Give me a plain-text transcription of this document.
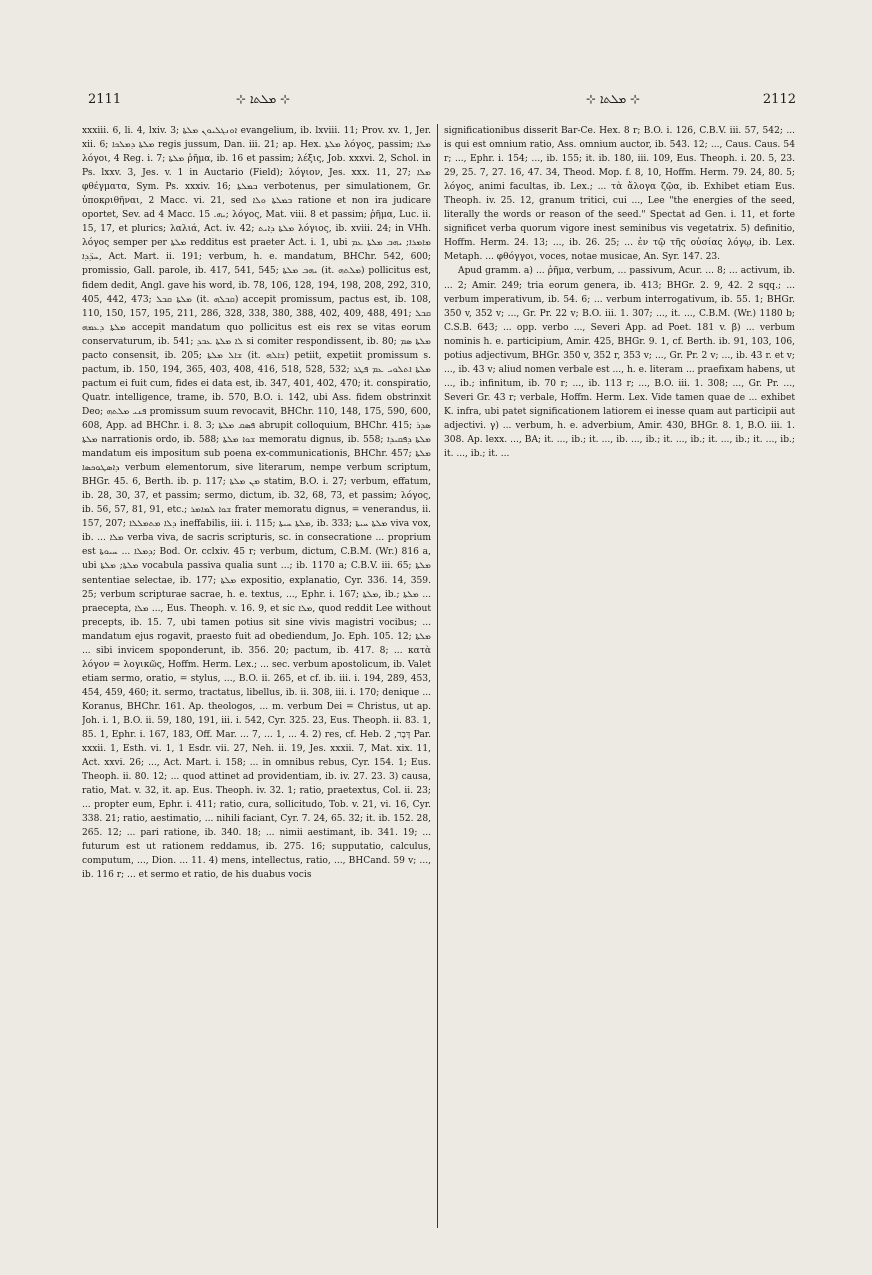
2111	⊹ ܡܠܬܐ ⊹	⊹ ܡܠܬܐ ⊹	2112

xxxiii. 6, li. 4, lxiv. 3; ܐܘܢܓܠܝܘܢ ܡܠܬܐ evangelium, ib. lxviii. 11; Prov. xv. 1, Jer. xii. 6; ܡܠܬܐ ܕܡܠܟܐ regis jussum, Dan. iii. 21; ap. Hex. ܡܠܬܐ λόγος, passim; ܡܠܐ λόγοι, 4 Reg. i. 7; ܡܠܬܐ ῥῆμα, ib. 16 et passim; λέξις, Job. xxxvi. 2, Schol. in Ps. lxxv. 3, Jes. v. 1 in Auctario (Field); λόγιον, Jes. xxx. 11, 27; ܡܠܐ φθέγματα, Sym. Ps. xxxiv. 16; ܒܡܠܬܐ verbotenus, per simulationem, Gr. ὑποκριθῆναι, 2 Macc. vi. 21, sed ܒܡܠܬܐ ܘܠܐ ratione et non ira judicare oportet, Sev. ad 4 Macc. ܝܗ. 15; λόγος, Mat. viii. 8 et passim; ῥῆμα, Luc. ii. 15, 17, et plurics; λαλιά, Act. iv. 42; ܡܠܬܐ ܕܐܝܬ λόγιος, ib. xviii. 24; in VHh. λόγος semper per ܡܠܬܐ redditus est praeter Act. i. 1, ubi ܡܐܡܪܐ; ܝܗܒ ܡܠܬܐ ܥܡ ܚܕ̈ܕܐ, Act. Mart. ii. 191; verbum, h. e. mandatum, BHChr. 542, 600; promissio, Gall. parole, ib. 417, 541, 545; ܝܗܒ ܡܠܬܐ (it. ܡܠܬܗ) pollicitus est, fidem dedit, Angl. gave his word, ib. 78, 106, 128, 194, 198, 208, 292, 310, 405, 442, 473; ܡܠܬܐ ܩܒܠ (it. ܩܒܠܗ) accepit promissum, pactus est, ib. 108, 110, 150, 157, 195, 211, 286, 328, 338, 380, 388, 402, 409, 488, 491; ܩܒܠ ܡܠܬܐ ܕܥܡܗ accepit mandatum quo pollicitus est eis rex se vitas eorum conservaturum, ib. 541; ܠܐ ܡܠܬܐ ܥܒܕ si comiter respondissent, ib. 80; ܡܠܬܐ ܣܡ pacto consensit, ib. 205; ܫܐܠ ܡܠܬܐ (it. ܫܐܠܗ) petiit, expetiit promissum s. pactum, ib. 150, 194, 365, 403, 408, 416, 518, 528, 532; ܡܠܬܐ ܐܬܠܘܝ ܥܡ ܦܛܪ pactum ei fuit cum, fides ei data est, ib. 347, 401, 402, 470; it. conspiratio, Quatr. intelligence, trame, ib. 570, B.O. i. 142, ubi Ass. fidem obstrinxit Deo; ܦܢܝ ܡܠܬܗ promissum suum revocavit, BHChr. 110, 148, 175, 590, 600, 608, App. ad BHChr. i. 8. 3; ܦܣܩ ܡܠܬܐ abrupit colloquium, BHChr. 415; ܣܕܪ ܡܠܬܐ narrationis ordo, ib. 588; ܫܘܐ ܡܠܬܐ memoratu dignus, ib. 558; ܡܠܬܐ ܕܦܩܝܕܐ mandatum eis impositum sub poena ex-communicationis, BHChr. 457; ܡܠܬܐ ܕܐܣܛܘܟܣܐ verbum elementorum, sive literarum, nempe verbum scriptum, BHGr. 45. 6, Berth. ib. p. 117; ܡܢ ܡܠܬܐ statim, B.O. i. 27; verbum, effatum, ib. 28, 30, 37, et passim; sermo, dictum, ib. 32, 68, 73, et passim; λόγος, ib. 56, 57, 81, 91, etc.; ܫܘܐ ܠܡܐܡܪ frater memoratu dignus, = venerandus, ii. 157, 207; ܕܠܐ ܡܬܡܠܠܐ ineffabilis, iii. i. 115; ܡܠܬܐ ܚܝܬܐ, ib. 333; ܡܠܬܐ ܚܝܬܐ viva vox, ib. ... ܡܠܐ verba viva, de sacris scripturis, sc. in consecratione ... proprium est ܕܡܠܐ ... ܚܝܘܬܐ; Bod. Or. cclxiv. 45 r; verbum, dictum, C.B.M. (Wr.) 816 a, ubi ܡܠܬܐ; ܡܠܬܐ vocabula passiva qualia sunt ...; ib. 1170 a; C.B.V. iii. 65; ܡܠܬܐ sententiae selectae, ib. 177; ܡܠܬܐ expositio, explanatio, Cyr. 336. 14, 359. 25; verbum scripturae sacrae, h. e. textus, ..., Ephr. i. 167; ܡܠܬܐ, ib.; ܡܠܬܐ ... praecepta, ܡܠܐ ..., Eus. Theoph. v. 16. 9, et sic ܡܠܐ, quod reddit Lee without precepts, ib. 15. 7, ubi tamen potius sit sine vivis magistri vocibus; ... mandatum ejus rogavit, praesto fuit ad obediendum, Jo. Eph. 105. 12; ܡܠܬܐ ... sibi invicem spoponderunt, ib. 356. 20; pactum, ib. 417. 8; ... κατὰ λόγον = λογικῶς, Hoffm. Herm. Lex.; ... sec. verbum apostolicum, ib. Valet etiam sermo, oratio, = stylus, ..., B.O. ii. 265, et cf. ib. iii. i. 194, 289, 453, 454, 459, 460; it. sermo, tractatus, libellus, ib. ii. 308, iii. i. 170; denique ... Koranus, BHChr. 161. Ap. theologos, ... m. verbum Dei = Christus, ut ap. Joh. i. 1, B.O. ii. 59, 180, 191, iii. i. 542, Cyr. 325. 23, Eus. Theoph. ii. 83. 1, 85. 1, Ephr. i. 167, 183, Off. Mar. ... 7, ... 1, ... 4. 2) res, cf. Heb. דָּבָר, 2 Par. xxxii. 1, Esth. vi. 1, 1 Esdr. vii. 27, Neh. ii. 19, Jes. xxxii. 7, Mat. xix. 11, Act. xxvi. 26; ..., Act. Mart. i. 158; ... in omnibus rebus, Cyr. 154. 1; Eus. Theoph. ii. 80. 12; ... quod attinet ad providentiam, ib. iv. 27. 23. 3) causa, ratio, Mat. v. 32, it. ap. Eus. Theoph. iv. 32. 1; ratio, praetextus, Col. ii. 23; ... propter eum, Ephr. i. 411; ratio, cura, sollicitudo, Tob. v. 21, vi. 16, Cyr. 338. 21; ratio, aestimatio, ... nihili faciant, Cyr. 7. 24, 65. 32; it. ib. 152. 28, 265. 12; ... pari ratione, ib. 340. 18; ... nimii aestimant, ib. 341. 19; ... futurum est ut rationem reddamus, ib. 275. 16; supputatio, calculus, computum, ..., Dion. ... 11. 4) mens, intellectus, ratio, ..., BHCand. 59 v; ..., ib. 116 r; ... et sermo et ratio, de his duabus vocis

significationibus disserit Bar-Ce. Hex. 8 r; B.O. i. 126, C.B.V. iii. 57, 542; ... is qui est omnium ratio, Ass. omnium auctor, ib. 543. 12; ..., Caus. Caus. 54 r; ..., Ephr. i. 154; ..., ib. 155; it. ib. 180, iii. 109, Eus. Theoph. i. 20. 5, 23. 29, 25. 7, 27. 16, 47. 34, Theod. Mop. f. 8, 10, Hoffm. Herm. 79. 24, 80. 5; λόγος, animi facultas, ib. Lex.; ... τὰ ἄλογα ζῷα, ib. Exhibet etiam Eus. Theoph. iv. 25. 12, granum tritici, cui ..., Lee "the energies of the seed, literally the words or reason of the seed." Spectat ad Gen. i. 11, et forte significet verba quorum vigore inest seminibus vis vegetatrix. 5) definitio, Hoffm. Herm. 24. 13; ..., ib. 26. 25; ... ἐν τῷ τῆς οὐσίας λόγῳ, ib. Lex. Metaph. ... φθόγγοι, voces, notae musicae, An. Syr. 147. 23.

Apud gramm. a) ... ῥῆμα, verbum, ... passivum, Acur. ... 8; ... activum, ib. ... 2; Amir. 249; tria eorum genera, ib. 413; BHGr. 2. 9, 42. 2 sqq.; ... verbum imperativum, ib. 54. 6; ... verbum interrogativum, ib. 55. 1; BHGr. 350 v, 352 v; ..., Gr. Pr. 22 v; B.O. iii. 1. 307; ..., it. ..., C.B.M. (Wr.) 1180 b; C.S.B. 643; ... opp. verbo ..., Severi App. ad Poet. 181 v. β) ... verbum nominis h. e. participium, Amir. 425, BHGr. 9. 1, cf. Berth. ib. 91, 103, 106, potius adjectivum, BHGr. 350 v, 352 r, 353 v; ..., Gr. Pr. 2 v; ..., ib. 43 r. et v; ..., ib. 43 v; aliud nomen verbale est ..., h. e. literam ... praefixam habens, ut ..., ib.; infinitum, ib. 70 r; ..., ib. 113 r; ..., B.O. iii. 1. 308; ..., Gr. Pr. ..., Severi Gr. 43 r; verbale, Hoffm. Herm. Lex. Vide tamen quae de ... exhibet K. infra, ubi patet significationem latiorem ei inesse quam aut participii aut adjectivi. γ) ... verbum, h. e. adverbium, Amir. 430, BHGr. 8. 1, B.O. iii. 1. 308. Ap. lexx. ..., BA; it. ..., ib.; it. ..., ib. ..., ib.; it. ..., ib.; it. ..., ib.; it. ..., ib.; it. ..., ib.; it. ...
